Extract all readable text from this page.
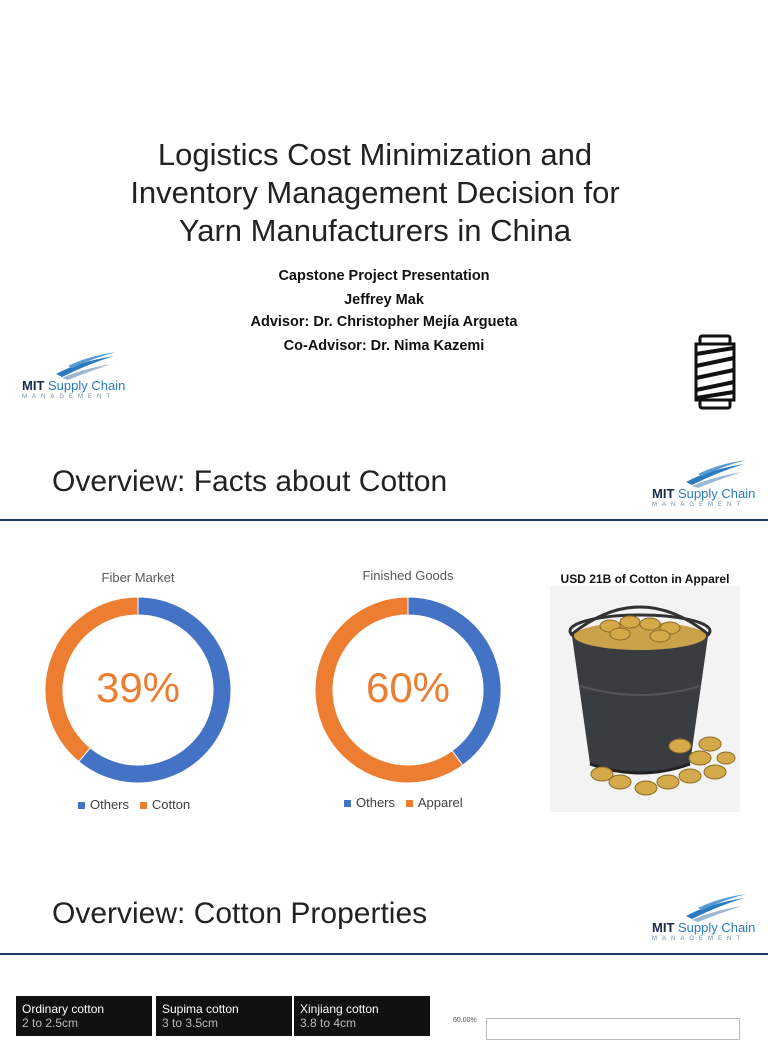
Logistics Cost Minimization and
Inventory Management Decision for
Yarn Manufacturers in China
Capstone Project Presentation
Jeffrey Mak
Advisor: Dr. Christopher Mejía Argueta
Co-Advisor: Dr. Nima Kazemi
MIT Supply Chain
MANAGEMENT
Overview: Facts about Cotton	MIT Supply Chain
MANAGEMENT
Fiber Market
39%
Others Cotton
Finished Goods
60%
Others Apparel
USD 21B of Cotton in Apparel
Overview: Cotton Properties	MIT Supply Chain
MANAGEMENT
Ordinary cotton
2 to 2.5cm
Supima cotton
3 to 3.5cm
Xinjiang cotton
3.8 to 4cm	60.00%
